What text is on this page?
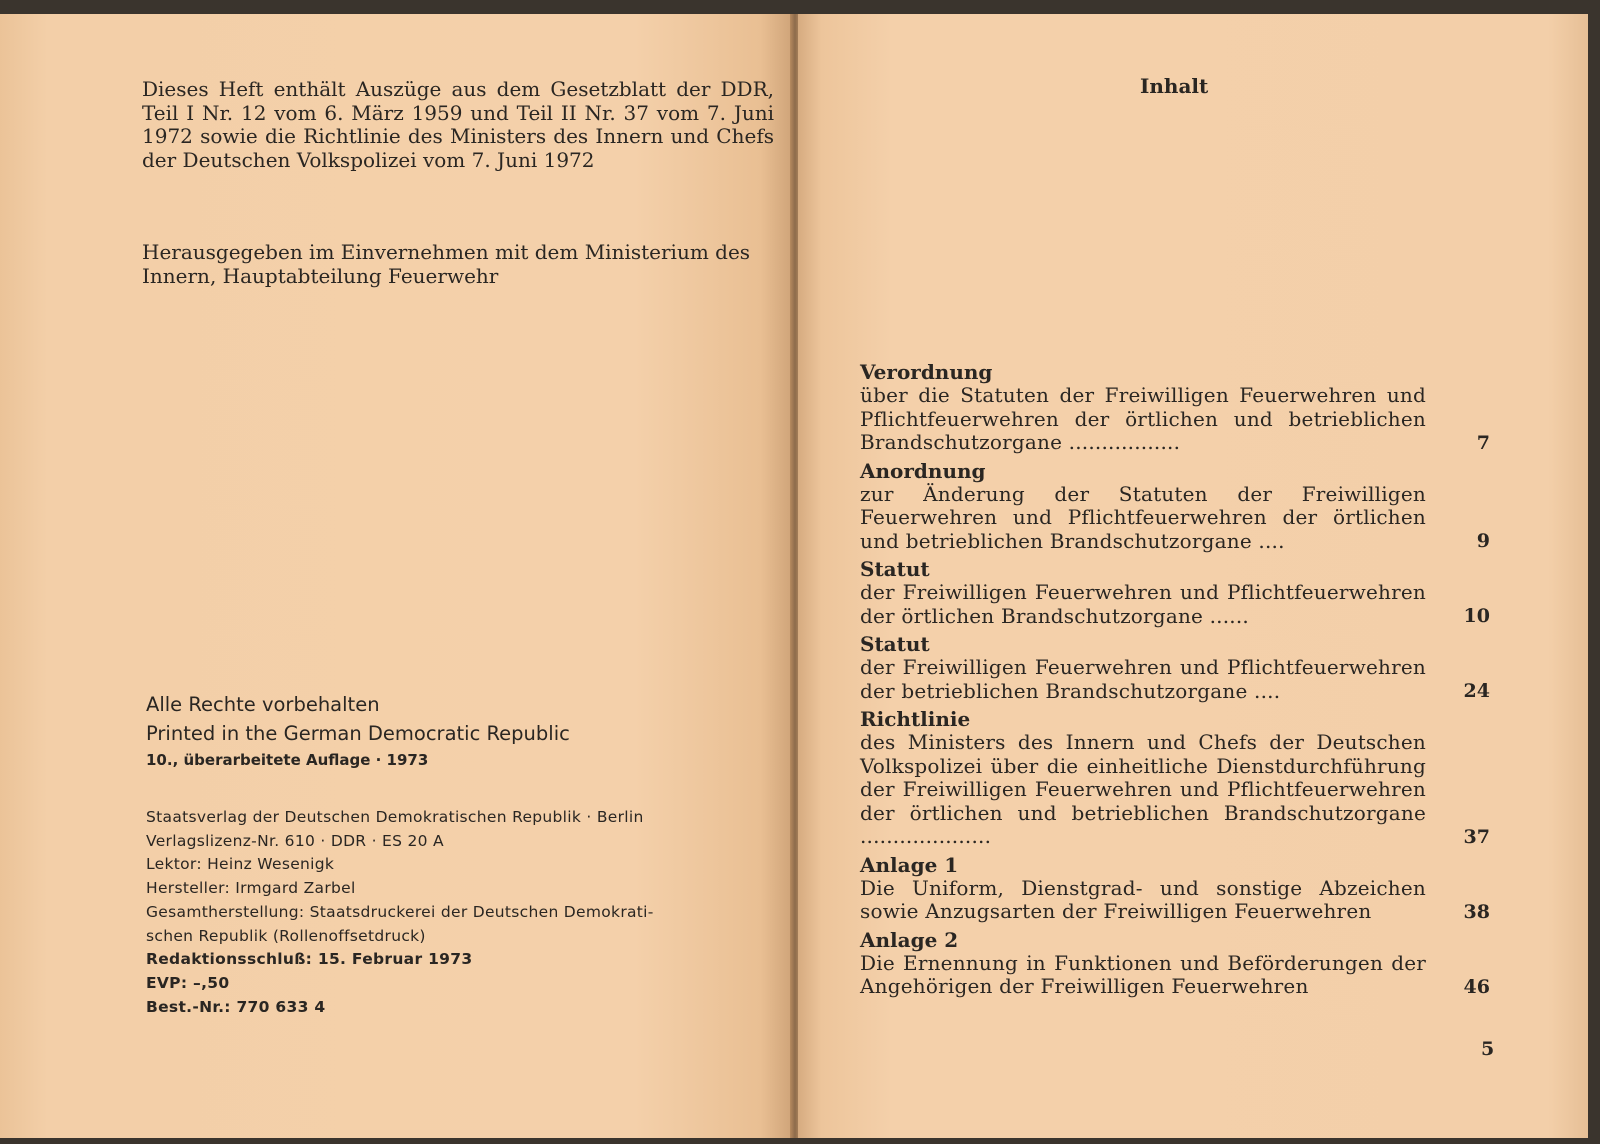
Dieses Heft enthält Auszüge aus dem Gesetzblatt der DDR, Teil I Nr. 12 vom 6. März 1959 und Teil II Nr. 37 vom 7. Juni 1972 sowie die Richtlinie des Ministers des Innern und Chefs der Deutschen Volkspolizei vom 7. Juni 1972
Herausgegeben im Einvernehmen mit dem Ministerium des Innern, Hauptabteilung Feuerwehr
Alle Rechte vorbehalten
Printed in the German Democratic Republic
10., überarbeitete Auflage · 1973
Staatsverlag der Deutschen Demokratischen Republik · Berlin
Verlagslizenz-Nr. 610 · DDR · ES 20 A
Lektor: Heinz Wesenigk
Hersteller: Irmgard Zarbel
Gesamtherstellung: Staatsdruckerei der Deutschen Demokrati-
schen Republik (Rollenoffsetdruck)
Redaktionsschluß: 15. Februar 1973
EVP: –,50
Best.-Nr.: 770 633 4
Inhalt
Verordnung
über die Statuten der Freiwilligen Feuerwehren und Pflichtfeuerwehren der örtlichen und betrieblichen Brandschutzorgane .................	7
Anordnung
zur Änderung der Statuten der Freiwilligen Feuerwehren und Pflichtfeuerwehren der örtlichen und betrieblichen Brandschutzorgane ....	9
Statut
der Freiwilligen Feuerwehren und Pflichtfeuerwehren der örtlichen Brandschutzorgane ......	10
Statut
der Freiwilligen Feuerwehren und Pflichtfeuerwehren der betrieblichen Brandschutzorgane ....	24
Richtlinie
des Ministers des Innern und Chefs der Deutschen Volkspolizei über die einheitliche Dienstdurchführung der Freiwilligen Feuerwehren und Pflichtfeuerwehren der örtlichen und betrieblichen Brandschutzorgane ....................	37
Anlage 1
Die Uniform, Dienstgrad- und sonstige Abzeichen sowie Anzugsarten der Freiwilligen Feuerwehren	38
Anlage 2
Die Ernennung in Funktionen und Beförderungen der Angehörigen der Freiwilligen Feuerwehren	46
5
